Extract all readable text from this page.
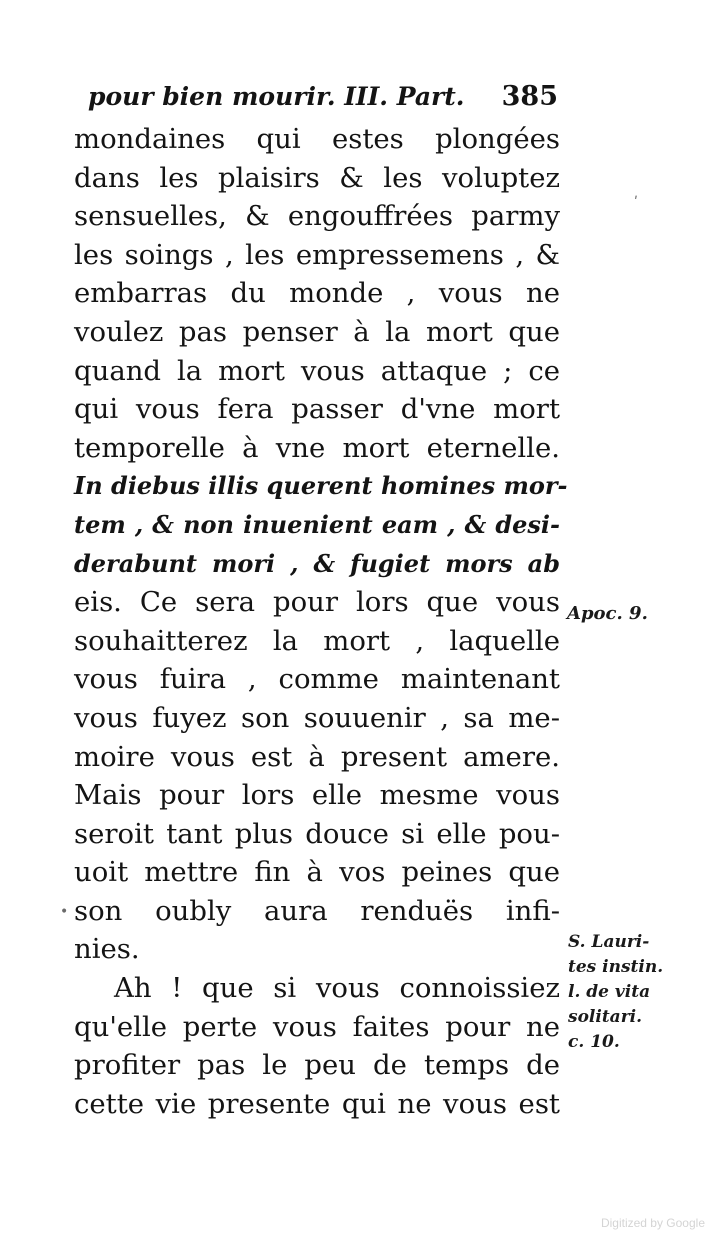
pour bien mourir. III. Part. 385
mondaines qui estes plongées
dans les plaisirs & les voluptez
sensuelles, & engouffrées parmy
les soings , les empressemens , &
embarras du monde , vous ne
voulez pas penser à la mort que
quand la mort vous attaque ; ce
qui vous fera passer d'vne mort
temporelle à vne mort eternelle.
In diebus illis querent homines mor-
tem , & non inuenient eam , & desi-
derabunt mori , & fugiet mors ab
eis. Ce sera pour lors que vous
souhaitterez la mort , laquelle
vous fuira , comme maintenant
vous fuyez son souuenir , sa me-
moire vous est à present amere.
Mais pour lors elle mesme vous
seroit tant plus douce si elle pou-
uoit mettre fin à vos peines que
son oubly aura renduës infi-
nies.
Ah ! que si vous connoissiez
qu'elle perte vous faites pour ne
profiter pas le peu de temps de
cette vie presente qui ne vous est
Apoc. 9.
S. Lauri-
tes instin.
l. de vita
solitari.
c. 10.
•
ʹ
Digitized by Google
